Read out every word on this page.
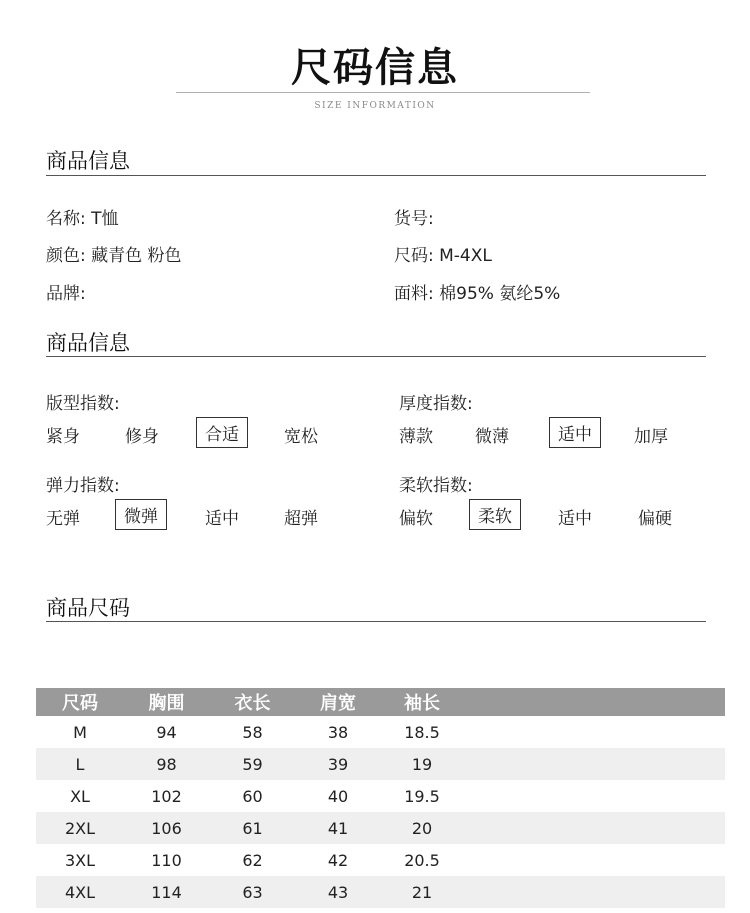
尺码信息
SIZE INFORMATION
商品信息
名称: T恤	货号:
颜色: 藏青色 粉色	尺码: M-4XL
品牌:	面料: 棉95% 氨纶5%
商品信息
版型指数:
紧身	修身	合适	宽松
厚度指数:
薄款 微薄	适中	加厚
弹力指数:
无弹	微弹	适中	超弹
柔软指数:
偏软	柔软	适中	偏硬
商品尺码
尺码	胸围	衣长	肩宽	袖长	
M	94	58	38	18.5	
L	98	59	39	19	
XL	102	60	40	19.5	
2XL	106	61	41	20	
3XL	110	62	42	20.5	
4XL	114	63	43	21	
